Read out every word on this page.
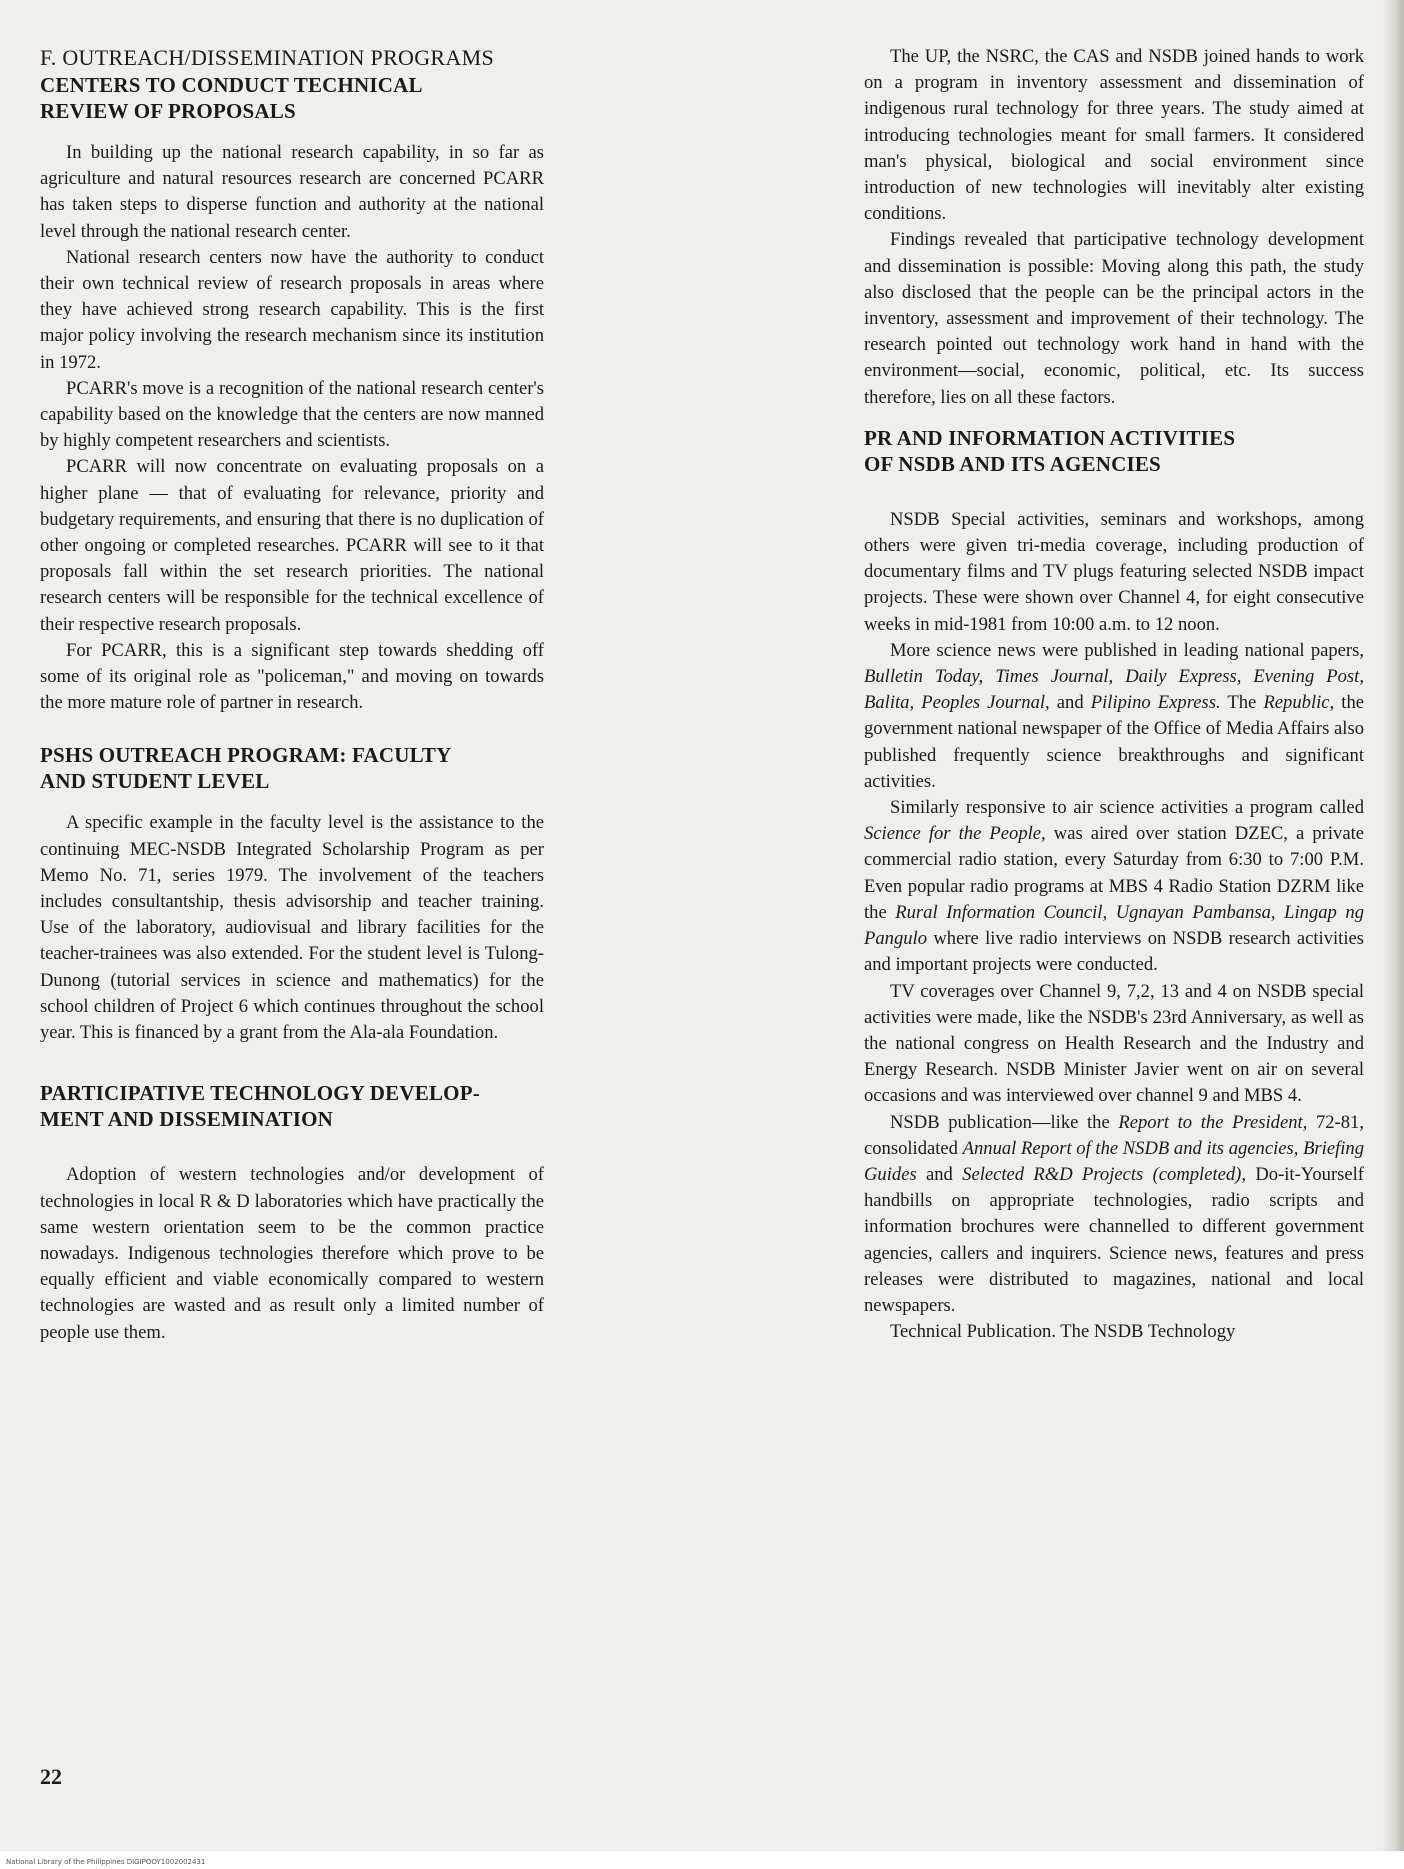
F. OUTREACH/DISSEMINATION PROGRAMS
CENTERS TO CONDUCT TECHNICAL
REVIEW OF PROPOSALS

In building up the national research capability, in so far as agriculture and natural resources research are concerned PCARR has taken steps to disperse function and authority at the national level through the national research center.

National research centers now have the authority to conduct their own technical review of research proposals in areas where they have achieved strong research capability. This is the first major policy involving the research mechanism since its institution in 1972.

PCARR's move is a recognition of the national research center's capability based on the knowledge that the centers are now manned by highly competent researchers and scientists.

PCARR will now concentrate on evaluating proposals on a higher plane — that of evaluating for relevance, priority and budgetary requirements, and ensuring that there is no duplication of other ongoing or completed researches. PCARR will see to it that proposals fall within the set research priorities. The national research centers will be responsible for the technical excellence of their respective research proposals.

For PCARR, this is a significant step towards shedding off some of its original role as "policeman," and moving on towards the more mature role of partner in research.

PSHS OUTREACH PROGRAM: FACULTY
AND STUDENT LEVEL

A specific example in the faculty level is the assistance to the continuing MEC-NSDB Integrated Scholarship Program as per Memo No. 71, series 1979. The involvement of the teachers includes consultantship, thesis advisorship and teacher training. Use of the laboratory, audiovisual and library facilities for the teacher-trainees was also extended. For the student level is Tulong-Dunong (tutorial services in science and mathematics) for the school children of Project 6 which continues throughout the school year. This is financed by a grant from the Ala-ala Foundation.

PARTICIPATIVE TECHNOLOGY DEVELOP-
MENT AND DISSEMINATION

Adoption of western technologies and/or development of technologies in local R & D laboratories which have practically the same western orientation seem to be the common practice nowadays. Indigenous technologies therefore which prove to be equally efficient and viable economically compared to western technologies are wasted and as result only a limited number of people use them.

The UP, the NSRC, the CAS and NSDB joined hands to work on a program in inventory assessment and dissemination of indigenous rural technology for three years. The study aimed at introducing technologies meant for small farmers. It considered man's physical, biological and social environment since introduction of new technologies will inevitably alter existing conditions.

Findings revealed that participative technology development and dissemination is possible: Moving along this path, the study also disclosed that the people can be the principal actors in the inventory, assessment and improvement of their technology. The research pointed out technology work hand in hand with the environment—social, economic, political, etc. Its success therefore, lies on all these factors.

PR AND INFORMATION ACTIVITIES
OF NSDB AND ITS AGENCIES

NSDB Special activities, seminars and workshops, among others were given tri-media coverage, including production of documentary films and TV plugs featuring selected NSDB impact projects. These were shown over Channel 4, for eight consecutive weeks in mid-1981 from 10:00 a.m. to 12 noon.

More science news were published in leading national papers, Bulletin Today, Times Journal, Daily Express, Evening Post, Balita, Peoples Journal, and Pilipino Express. The Republic, the government national newspaper of the Office of Media Affairs also published frequently science breakthroughs and significant activities.

Similarly responsive to air science activities a program called Science for the People, was aired over station DZEC, a private commercial radio station, every Saturday from 6:30 to 7:00 P.M. Even popular radio programs at MBS 4 Radio Station DZRM like the Rural Information Council, Ugnayan Pambansa, Lingap ng Pangulo where live radio interviews on NSDB research activities and important projects were conducted.

TV coverages over Channel 9, 7,2, 13 and 4 on NSDB special activities were made, like the NSDB's 23rd Anniversary, as well as the national congress on Health Research and the Industry and Energy Research. NSDB Minister Javier went on air on several occasions and was interviewed over channel 9 and MBS 4.

NSDB publication—like the Report to the President, 72-81, consolidated Annual Report of the NSDB and its agencies, Briefing Guides and Selected R&D Projects (completed), Do-it-Yourself handbills on appropriate technologies, radio scripts and information brochures were channelled to different government agencies, callers and inquirers. Science news, features and press releases were distributed to magazines, national and local newspapers.

Technical Publication. The NSDB Technology

22
National Library of the Philippines DIGIPOOY1002002431
